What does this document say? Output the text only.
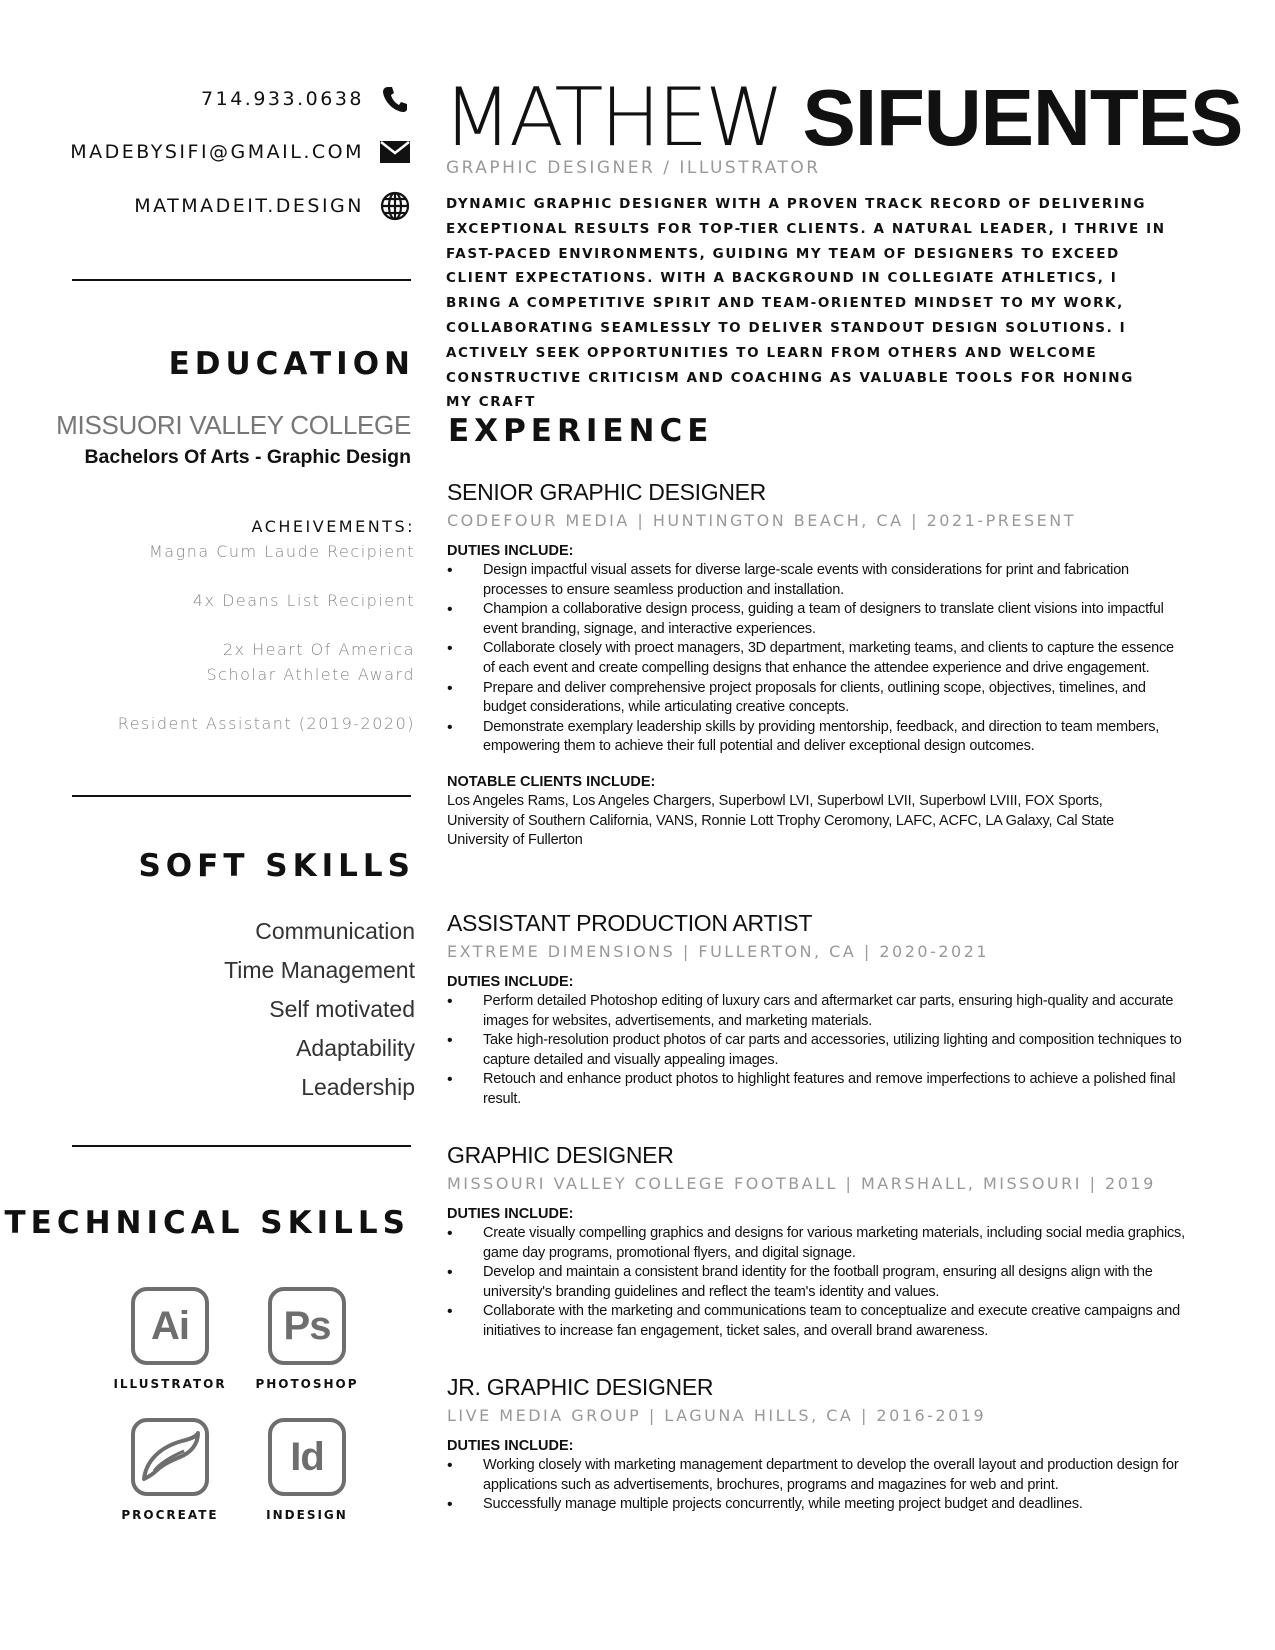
714.933.0638
MADEBYSIFI@GMAIL.COM
MATMADEIT.DESIGN
EDUCATION
MISSUORI VALLEY COLLEGE
Bachelors Of Arts - Graphic Design
ACHEIVEMENTS:
Magna Cum Laude Recipient
4x Deans List Recipient
2x Heart Of America Scholar Athlete Award
Resident Assistant (2019-2020)
SOFT SKILLS
Communication
Time Management
Self motivated
Adaptability
Leadership
TECHNICAL SKILLS
Ai
ILLUSTRATOR
Ps
PHOTOSHOP
PROCREATE
Id
INDESIGN
MATHEW SIFUENTES
GRAPHIC DESIGNER / ILLUSTRATOR
DYNAMIC GRAPHIC DESIGNER WITH A PROVEN TRACK RECORD OF DELIVERING EXCEPTIONAL RESULTS FOR TOP-TIER CLIENTS. A NATURAL LEADER, I THRIVE IN FAST-PACED ENVIRONMENTS, GUIDING MY TEAM OF DESIGNERS TO EXCEED CLIENT EXPECTATIONS. WITH A BACKGROUND IN COLLEGIATE ATHLETICS, I BRING A COMPETITIVE SPIRIT AND TEAM-ORIENTED MINDSET TO MY WORK, COLLABORATING SEAMLESSLY TO DELIVER STANDOUT DESIGN SOLUTIONS. I ACTIVELY SEEK OPPORTUNITIES TO LEARN FROM OTHERS AND WELCOME CONSTRUCTIVE CRITICISM AND COACHING AS VALUABLE TOOLS FOR HONING MY CRAFT
EXPERIENCE
SENIOR GRAPHIC DESIGNER
CODEFOUR MEDIA | HUNTINGTON BEACH, CA | 2021-PRESENT
DUTIES INCLUDE:
• Design impactful visual assets for diverse large-scale events with considerations for print and fabrication processes to ensure seamless production and installation.
• Champion a collaborative design process, guiding a team of designers to translate client visions into impactful event branding, signage, and interactive experiences.
• Collaborate closely with proect managers, 3D department, marketing teams, and clients to capture the essence of each event and create compelling designs that enhance the attendee experience and drive engagement.
• Prepare and deliver comprehensive project proposals for clients, outlining scope, objectives, timelines, and budget considerations, while articulating creative concepts.
• Demonstrate exemplary leadership skills by providing mentorship, feedback, and direction to team members, empowering them to achieve their full potential and deliver exceptional design outcomes.
NOTABLE CLIENTS INCLUDE:
Los Angeles Rams, Los Angeles Chargers, Superbowl LVI, Superbowl LVII, Superbowl LVIII, FOX Sports, University of Southern California, VANS, Ronnie Lott Trophy Ceromony, LAFC, ACFC, LA Galaxy, Cal State University of Fullerton
ASSISTANT PRODUCTION ARTIST
EXTREME DIMENSIONS | FULLERTON, CA | 2020-2021
DUTIES INCLUDE:
• Perform detailed Photoshop editing of luxury cars and aftermarket car parts, ensuring high-quality and accurate images for websites, advertisements, and marketing materials.
• Take high-resolution product photos of car parts and accessories, utilizing lighting and composition techniques to capture detailed and visually appealing images.
• Retouch and enhance product photos to highlight features and remove imperfections to achieve a polished final result.
GRAPHIC DESIGNER
MISSOURI VALLEY COLLEGE FOOTBALL | MARSHALL, MISSOURI | 2019
DUTIES INCLUDE:
• Create visually compelling graphics and designs for various marketing materials, including social media graphics, game day programs, promotional flyers, and digital signage.
• Develop and maintain a consistent brand identity for the football program, ensuring all designs align with the university's branding guidelines and reflect the team's identity and values.
• Collaborate with the marketing and communications team to conceptualize and execute creative campaigns and initiatives to increase fan engagement, ticket sales, and overall brand awareness.
JR. GRAPHIC DESIGNER
LIVE MEDIA GROUP | LAGUNA HILLS, CA | 2016-2019
DUTIES INCLUDE:
• Working closely with marketing management department to develop the overall layout and production design for applications such as advertisements, brochures, programs and magazines for web and print.
• Successfully manage multiple projects concurrently, while meeting project budget and deadlines.
